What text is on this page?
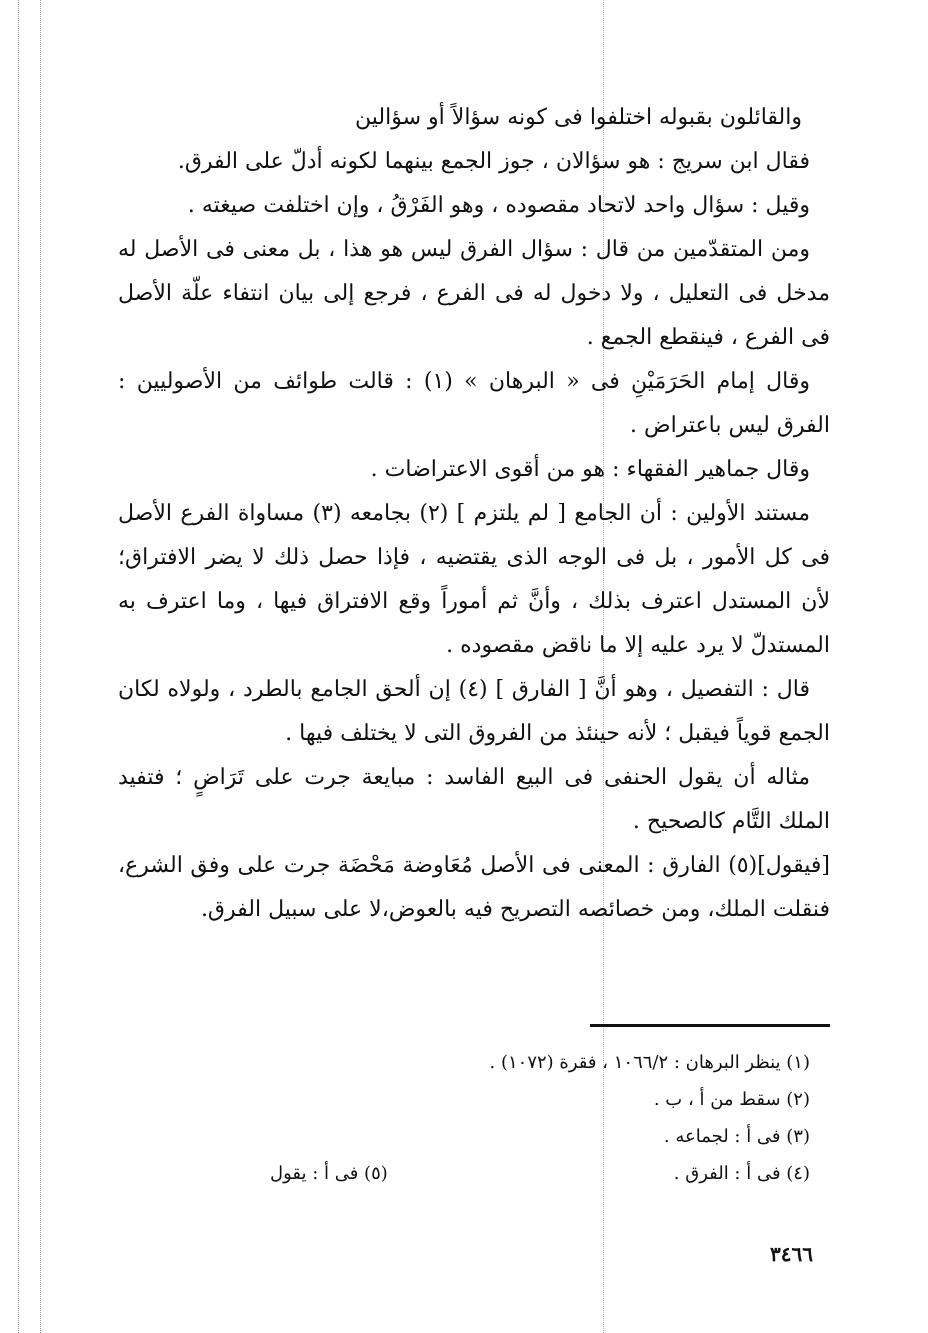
والقائلون بقبوله اختلفوا فى كونه سؤالاً أو سؤالين

فقال ابن سريج : هو سؤالان ، جوز الجمع بينهما لكونه أدلّ على الفرق.

وقيل : سؤال واحد لاتحاد مقصوده ، وهو الفَرْقُ ، وإن اختلفت صيغته .

ومن المتقدّمين من قال : سؤال الفرق ليس هو هذا ، بل معنى فى الأصل له مدخل فى التعليل ، ولا دخول له فى الفرع ، فرجع إلى بيان انتفاء علّة الأصل فى الفرع ، فينقطع الجمع .

وقال إمام الحَرَمَيْنِ فى « البرهان » (١) : قالت طوائف من الأصوليين : الفرق ليس باعتراض .

وقال جماهير الفقهاء : هو من أقوى الاعتراضات .

مستند الأولين : أن الجامع [ لم يلتزم ] (٢) بجامعه (٣) مساواة الفرع الأصل فى كل الأمور ، بل فى الوجه الذى يقتضيه ، فإذا حصل ذلك لا يضر الافتراق؛ لأن المستدل اعترف بذلك ، وأنَّ ثم أموراً وقع الافتراق فيها ، وما اعترف به المستدلّ لا يرد عليه إلا ما ناقض مقصوده .

قال : التفصيل ، وهو أنَّ [ الفارق ] (٤) إن ألحق الجامع بالطرد ، ولولاه لكان الجمع قوياً فيقبل ؛ لأنه حينئذ من الفروق التى لا يختلف فيها .

مثاله أن يقول الحنفى فى البيع الفاسد : مبايعة جرت على تَرَاضٍ ؛ فتفيد الملك التَّام كالصحيح .

[فيقول](٥) الفارق : المعنى فى الأصل مُعَاوضة مَحْضَة جرت على وفق الشرع، فنقلت الملك، ومن خصائصه التصريح فيه بالعوض،لا على سبيل الفرق.

(١) ينظر البرهان : ١٠٦٦/٢ ، فقرة (١٠٧٢) .
(٢) سقط من أ ، ب .
(٣) فى أ : لجماعه .
(٤) فى أ : الفرق .
(٥) فى أ : يقول
٣٤٦٦
